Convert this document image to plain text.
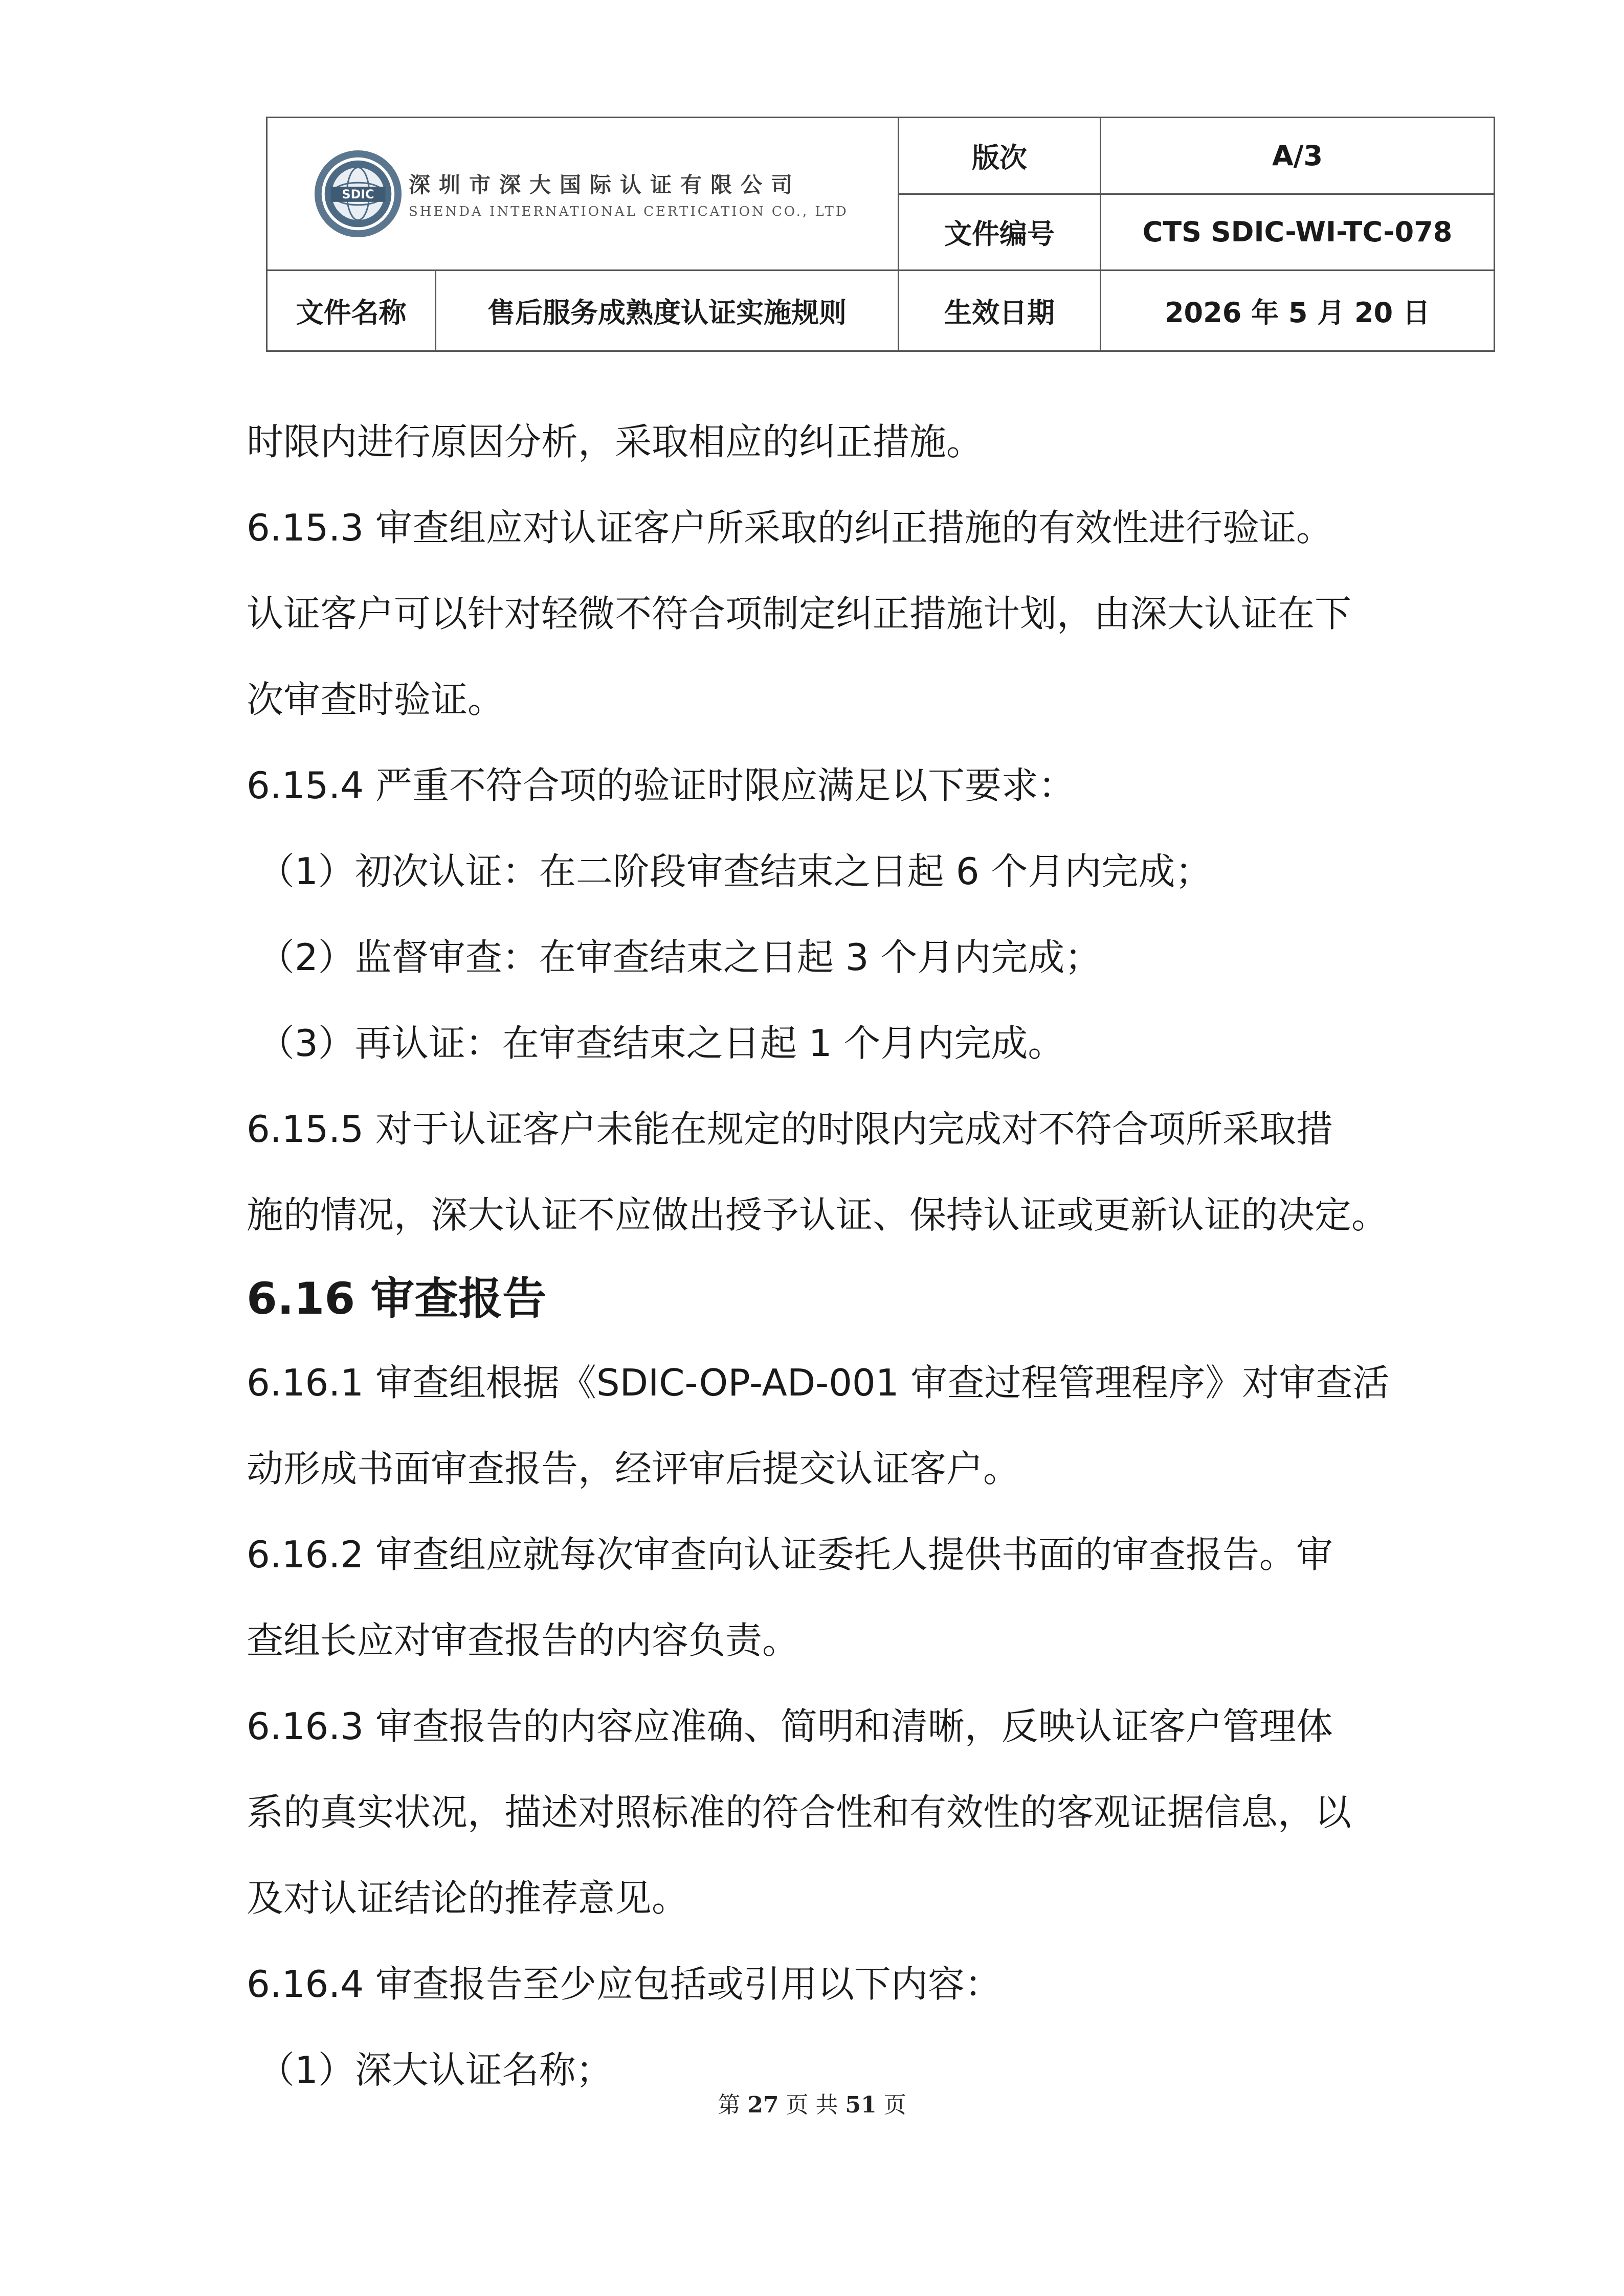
SDIC 深圳市深大国际认证有限公司
SHENDA INTERNATIONAL CERTICATION CO., LTD		版次	A/3
		文件编号	CTS SDIC-WI-TC-078
文件名称	售后服务成熟度认证实施规则	生效日期	2026 年 5 月 20 日

时限内进行原因分析，采取相应的纠正措施。

6.15.3 审查组应对认证客户所采取的纠正措施的有效性进行验证。

认证客户可以针对轻微不符合项制定纠正措施计划，由深大认证在下

次审查时验证。

6.15.4 严重不符合项的验证时限应满足以下要求：

（1）初次认证：在二阶段审查结束之日起 6 个月内完成；

（2）监督审查：在审查结束之日起 3 个月内完成；

（3）再认证：在审查结束之日起 1 个月内完成。

6.15.5 对于认证客户未能在规定的时限内完成对不符合项所采取措

施的情况，深大认证不应做出授予认证、保持认证或更新认证的决定。

6.16 审查报告

6.16.1 审查组根据《SDIC-OP-AD-001 审查过程管理程序》对审查活

动形成书面审查报告，经评审后提交认证客户。

6.16.2 审查组应就每次审查向认证委托人提供书面的审查报告。审

查组长应对审查报告的内容负责。

6.16.3 审查报告的内容应准确、简明和清晰，反映认证客户管理体

系的真实状况，描述对照标准的符合性和有效性的客观证据信息，以

及对认证结论的推荐意见。

6.16.4 审查报告至少应包括或引用以下内容：

（1）深大认证名称；

第 27 页 共 51 页
